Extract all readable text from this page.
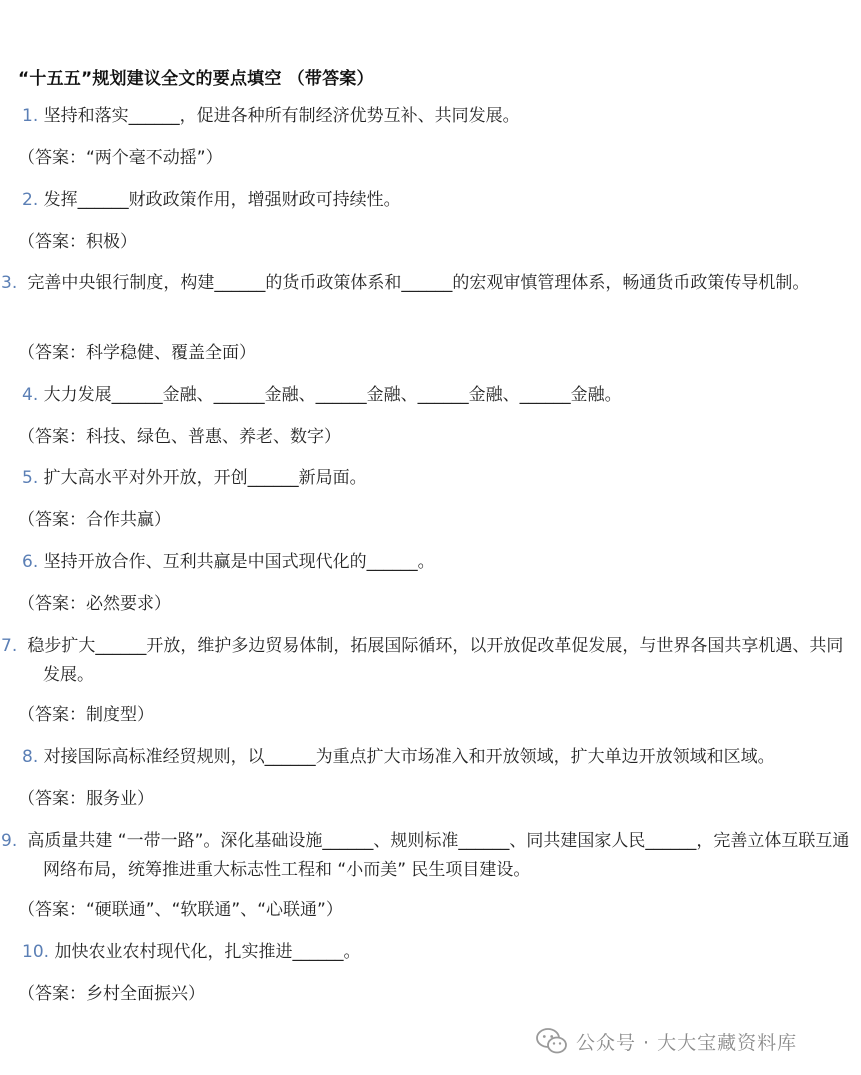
“十五五”规划建议全文的要点填空 （带答案）
1. 坚持和落实______，促进各种所有制经济优势互补、共同发展。
（答案：“两个毫不动摇”）
2. 发挥______财政政策作用，增强财政可持续性。
（答案：积极）
3. 完善中央银行制度，构建______的货币政策体系和______的宏观审慎管理体系，畅通货币政策传导机制。
（答案：科学稳健、覆盖全面）
4. 大力发展______金融、______金融、______金融、______金融、______金融。
（答案：科技、绿色、普惠、养老、数字）
5. 扩大高水平对外开放，开创______新局面。
（答案：合作共赢）
6. 坚持开放合作、互利共赢是中国式现代化的______。
（答案：必然要求）
7. 稳步扩大______开放，维护多边贸易体制，拓展国际循环，以开放促改革促发展，与世界各国共享机遇、共同发展。
（答案：制度型）
8. 对接国际高标准经贸规则，以______为重点扩大市场准入和开放领域，扩大单边开放领域和区域。
（答案：服务业）
9. 高质量共建 “一带一路”。深化基础设施______、规则标准______、同共建国家人民______，完善立体互联互通网络布局，统筹推进重大标志性工程和 “小而美” 民生项目建设。
（答案：“硬联通”、“软联通”、“心联通”）
10. 加快农业农村现代化，扎实推进______。
（答案：乡村全面振兴）
公众号 · 大大宝藏资料库
